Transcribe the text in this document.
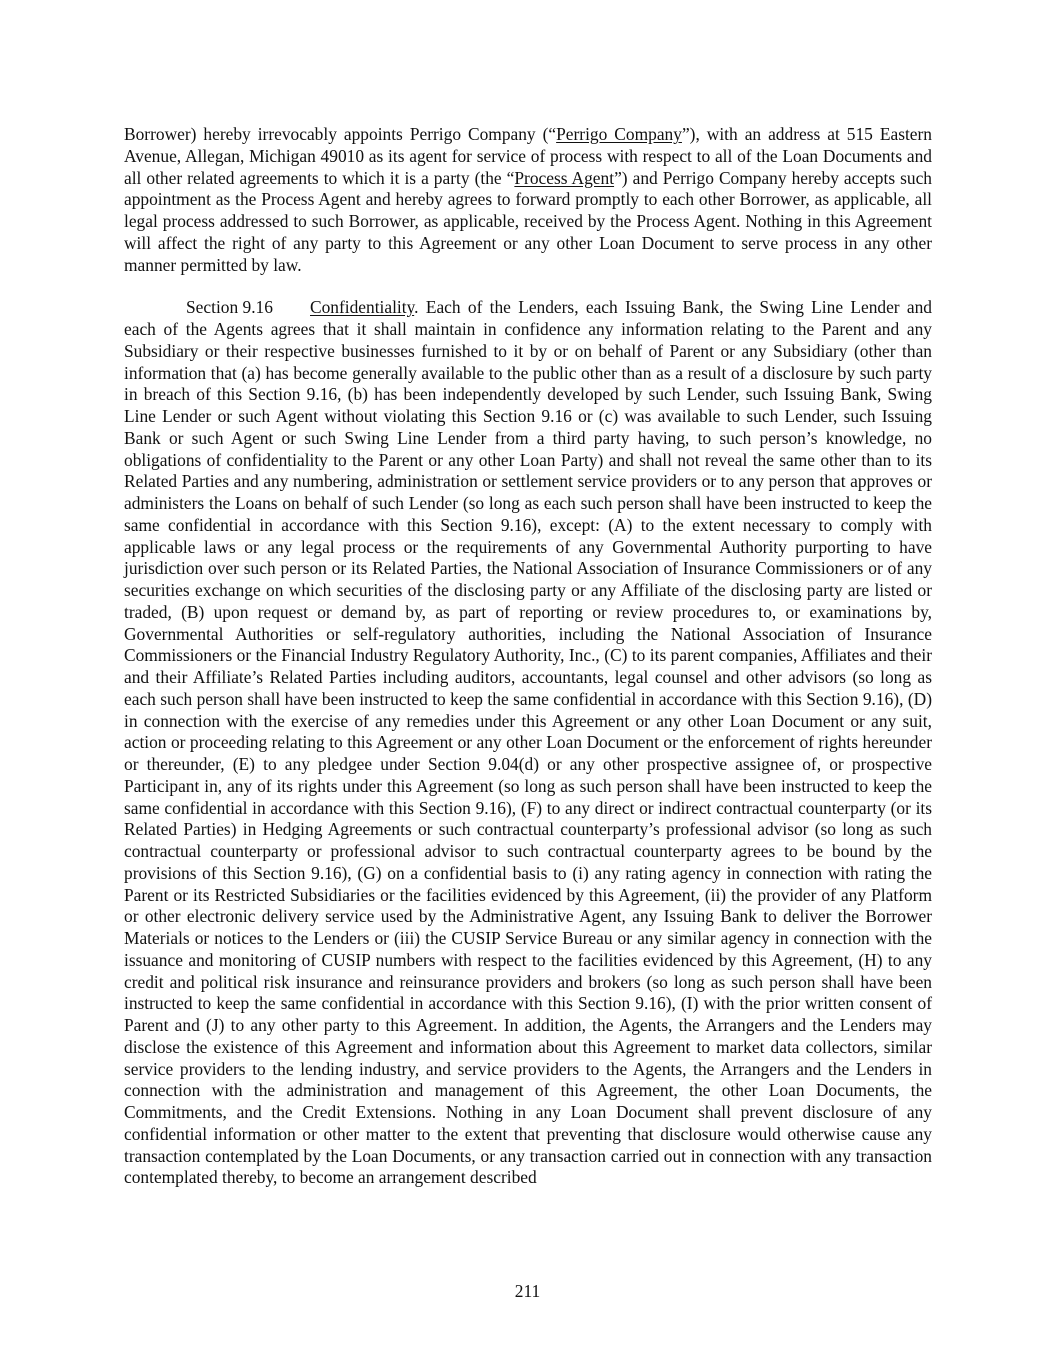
Borrower) hereby irrevocably appoints Perrigo Company (“Perrigo Company”), with an address at 515 Eastern Avenue, Allegan, Michigan 49010 as its agent for service of process with respect to all of the Loan Documents and all other related agreements to which it is a party (the “Process Agent”) and Perrigo Company hereby accepts such appointment as the Process Agent and hereby agrees to forward promptly to each other Borrower, as applicable, all legal process addressed to such Borrower, as applicable, received by the Process Agent. Nothing in this Agreement will affect the right of any party to this Agreement or any other Loan Document to serve process in any other manner permitted by law.

Section 9.16 Confidentiality. Each of the Lenders, each Issuing Bank, the Swing Line Lender and each of the Agents agrees that it shall maintain in confidence any information relating to the Parent and any Subsidiary or their respective businesses furnished to it by or on behalf of Parent or any Subsidiary (other than information that (a) has become generally available to the public other than as a result of a disclosure by such party in breach of this Section 9.16, (b) has been independently developed by such Lender, such Issuing Bank, Swing Line Lender or such Agent without violating this Section 9.16 or (c) was available to such Lender, such Issuing Bank or such Agent or such Swing Line Lender from a third party having, to such person’s knowledge, no obligations of confidentiality to the Parent or any other Loan Party) and shall not reveal the same other than to its Related Parties and any numbering, administration or settlement service providers or to any person that approves or administers the Loans on behalf of such Lender (so long as each such person shall have been instructed to keep the same confidential in accordance with this Section 9.16), except: (A) to the extent necessary to comply with applicable laws or any legal process or the requirements of any Governmental Authority purporting to have jurisdiction over such person or its Related Parties, the National Association of Insurance Commissioners or of any securities exchange on which securities of the disclosing party or any Affiliate of the disclosing party are listed or traded, (B) upon request or demand by, as part of reporting or review procedures to, or examinations by, Governmental Authorities or self-regulatory authorities, including the National Association of Insurance Commissioners or the Financial Industry Regulatory Authority, Inc., (C) to its parent companies, Affiliates and their and their Affiliate’s Related Parties including auditors, accountants, legal counsel and other advisors (so long as each such person shall have been instructed to keep the same confidential in accordance with this Section 9.16), (D) in connection with the exercise of any remedies under this Agreement or any other Loan Document or any suit, action or proceeding relating to this Agreement or any other Loan Document or the enforcement of rights hereunder or thereunder, (E) to any pledgee under Section 9.04(d) or any other prospective assignee of, or prospective Participant in, any of its rights under this Agreement (so long as such person shall have been instructed to keep the same confidential in accordance with this Section 9.16), (F) to any direct or indirect contractual counterparty (or its Related Parties) in Hedging Agreements or such contractual counterparty’s professional advisor (so long as such contractual counterparty or professional advisor to such contractual counterparty agrees to be bound by the provisions of this Section 9.16), (G) on a confidential basis to (i) any rating agency in connection with rating the Parent or its Restricted Subsidiaries or the facilities evidenced by this Agreement, (ii) the provider of any Platform or other electronic delivery service used by the Administrative Agent, any Issuing Bank to deliver the Borrower Materials or notices to the Lenders or (iii) the CUSIP Service Bureau or any similar agency in connection with the issuance and monitoring of CUSIP numbers with respect to the facilities evidenced by this Agreement, (H) to any credit and political risk insurance and reinsurance providers and brokers (so long as such person shall have been instructed to keep the same confidential in accordance with this Section 9.16), (I) with the prior written consent of Parent and (J) to any other party to this Agreement. In addition, the Agents, the Arrangers and the Lenders may disclose the existence of this Agreement and information about this Agreement to market data collectors, similar service providers to the lending industry, and service providers to the Agents, the Arrangers and the Lenders in connection with the administration and management of this Agreement, the other Loan Documents, the Commitments, and the Credit Extensions. Nothing in any Loan Document shall prevent disclosure of any confidential information or other matter to the extent that preventing that disclosure would otherwise cause any transaction contemplated by the Loan Documents, or any transaction carried out in connection with any transaction contemplated thereby, to become an arrangement described

211
